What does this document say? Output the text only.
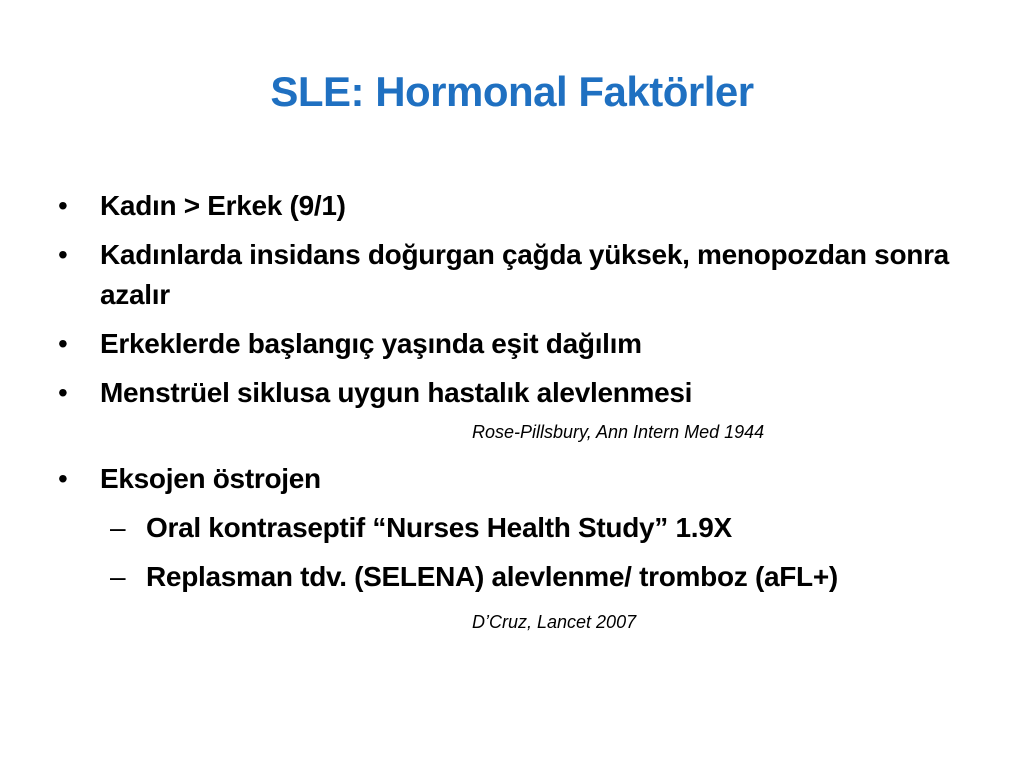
SLE: Hormonal Faktörler
• Kadın > Erkek (9/1)
• Kadınlarda insidans doğurgan çağda yüksek, menopozdan sonra azalır
• Erkeklerde başlangıç yaşında eşit dağılım
• Menstrüel siklusa uygun hastalık alevlenmesi
Rose-Pillsbury, Ann Intern Med 1944
• Eksojen östrojen
– Oral kontraseptif “Nurses Health Study” 1.9X
– Replasman tdv. (SELENA) alevlenme/ tromboz (aFL+)
D’Cruz, Lancet 2007
